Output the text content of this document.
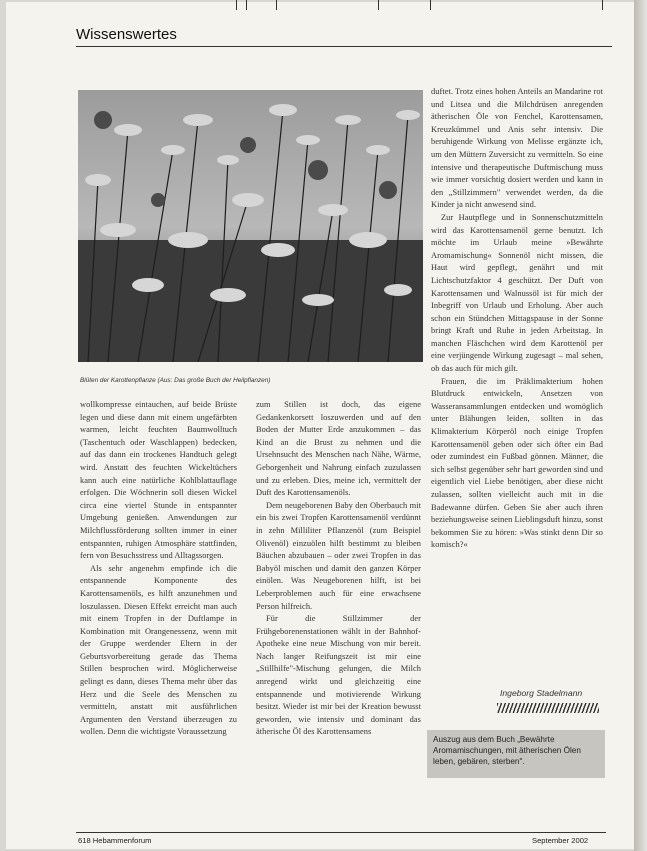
Wissenswertes
Blüten der Karottenpflanze (Aus: Das große Buch der Heilpflanzen)

wollkompresse eintauchen, auf beide Brüste legen und diese dann mit einem ungefärbten warmen, leicht feuchten Baumwolltuch (Taschentuch oder Waschlappen) bedecken, auf das dann ein trockenes Handtuch gelegt wird. Anstatt des feuchten Wickeltüchers kann auch eine natürliche Kohlblattauflage erfolgen. Die Wöchnerin soll diesen Wickel circa eine viertel Stunde in entspannter Umgebung genießen. Anwendungen zur Milchflussförderung sollten immer in einer entspannten, ruhigen Atmosphäre stattfinden, fern von Besuchsstress und Alltagssorgen.

Als sehr angenehm empfinde ich die entspannende Komponente des Karottensamenöls, es hilft anzunehmen und loszulassen. Diesen Effekt erreicht man auch mit einem Tropfen in der Duftlampe in Kombination mit Orangenessenz, wenn mit der Gruppe werdender Eltern in der Geburtsvorbereitung gerade das Thema Stillen besprochen wird. Möglicherweise gelingt es dann, dieses Thema mehr über das Herz und die Seele des Menschen zu vermitteln, anstatt mit ausführlichen Argumenten den Verstand überzeugen zu wollen. Denn die wichtigste Voraussetzung

zum Stillen ist doch, das eigene Gedankenkorsett loszuwerden und auf den Boden der Mutter Erde anzukommen – das Kind an die Brust zu nehmen und die Ursehnsucht des Menschen nach Nähe, Wärme, Geborgenheit und Nahrung einfach zuzulassen und zu erleben. Dies, meine ich, vermittelt der Duft des Karottensamenöls.

Dem neugeborenen Baby den Oberbauch mit ein bis zwei Tropfen Karottensamenöl verdünnt in zehn Milliliter Pflanzenöl (zum Beispiel Olivenöl) einzuölen hilft bestimmt zu bleiben Bäuchen abzubauen – oder zwei Tropfen in das Babyöl mischen und damit den ganzen Körper einölen. Was Neugeborenen hilft, ist bei Leberproblemen auch für eine erwachsene Person hilfreich.

Für die Stillzimmer der Frühgeborenenstationen wählt in der Bahnhof-Apotheke eine neue Mischung von mir bereit. Nach langer Reifungszeit ist mir eine „Stillhilfe"-Mischung gelungen, die Milch anregend wirkt und gleichzeitig eine entspannende und motivierende Wirkung besitzt. Wieder ist mir bei der Kreation bewusst geworden, wie intensiv und dominant das ätherische Öl des Karottensamens

duftet. Trotz eines hohen Anteils an Mandarine rot und Litsea und die Milchdrüsen anregenden ätherischen Öle von Fenchel, Karottensamen, Kreuzkümmel und Anis sehr intensiv. Die beruhigende Wirkung von Melisse ergänzte ich, um den Müttern Zuversicht zu vermitteln. So eine intensive und therapeutische Duftmischung muss wie immer vorsichtig dosiert werden und kann in den „Stillzimmern" verwendet werden, da die Kinder ja nicht anwesend sind.

Zur Hautpflege und in Sonnenschutzmitteln wird das Karottensamenöl gerne benutzt. Ich möchte im Urlaub meine »Bewährte Aromamischung« Sonnenöl nicht missen, die Haut wird gepflegt, genährt und mit Lichtschutzfaktor 4 geschützt. Der Duft von Karottensamen und Walnussöl ist für mich der Inbegriff von Urlaub und Erholung. Aber auch schon ein Stündchen Mittagspause in der Sonne bringt Kraft und Ruhe in jeden Arbeitstag. In manchen Fläschchen wird dem Karottenöl per eine verjüngende Wirkung zugesagt – mal sehen, ob das auch für mich gilt.

Frauen, die im Präklimakterium hohen Blutdruck entwickeln, Ansetzen von Wasseransammlungen entdecken und womöglich unter Blähungen leiden, sollten in das Klimakterium Körperöl noch einige Tropfen Karottensamenöl geben oder sich öfter ein Bad oder zumindest ein Fußbad gönnen. Männer, die sich selbst gegenüber sehr hart geworden sind und eigentlich viel Liebe benötigen, aber diese nicht zulassen, sollten vielleicht auch mit in die Badewanne dürfen. Geben Sie aber auch ihren beziehungsweise seinen Lieblingsduft hinzu, sonst bekommen Sie zu hören: »Was stinkt denn Dir so komisch?«

Ingeborg Stadelmann
Auszug aus dem Buch „Bewährte Aromamischungen, mit ätherischen Ölen leben, gebären, sterben".
618 Hebammenforum	September 2002
